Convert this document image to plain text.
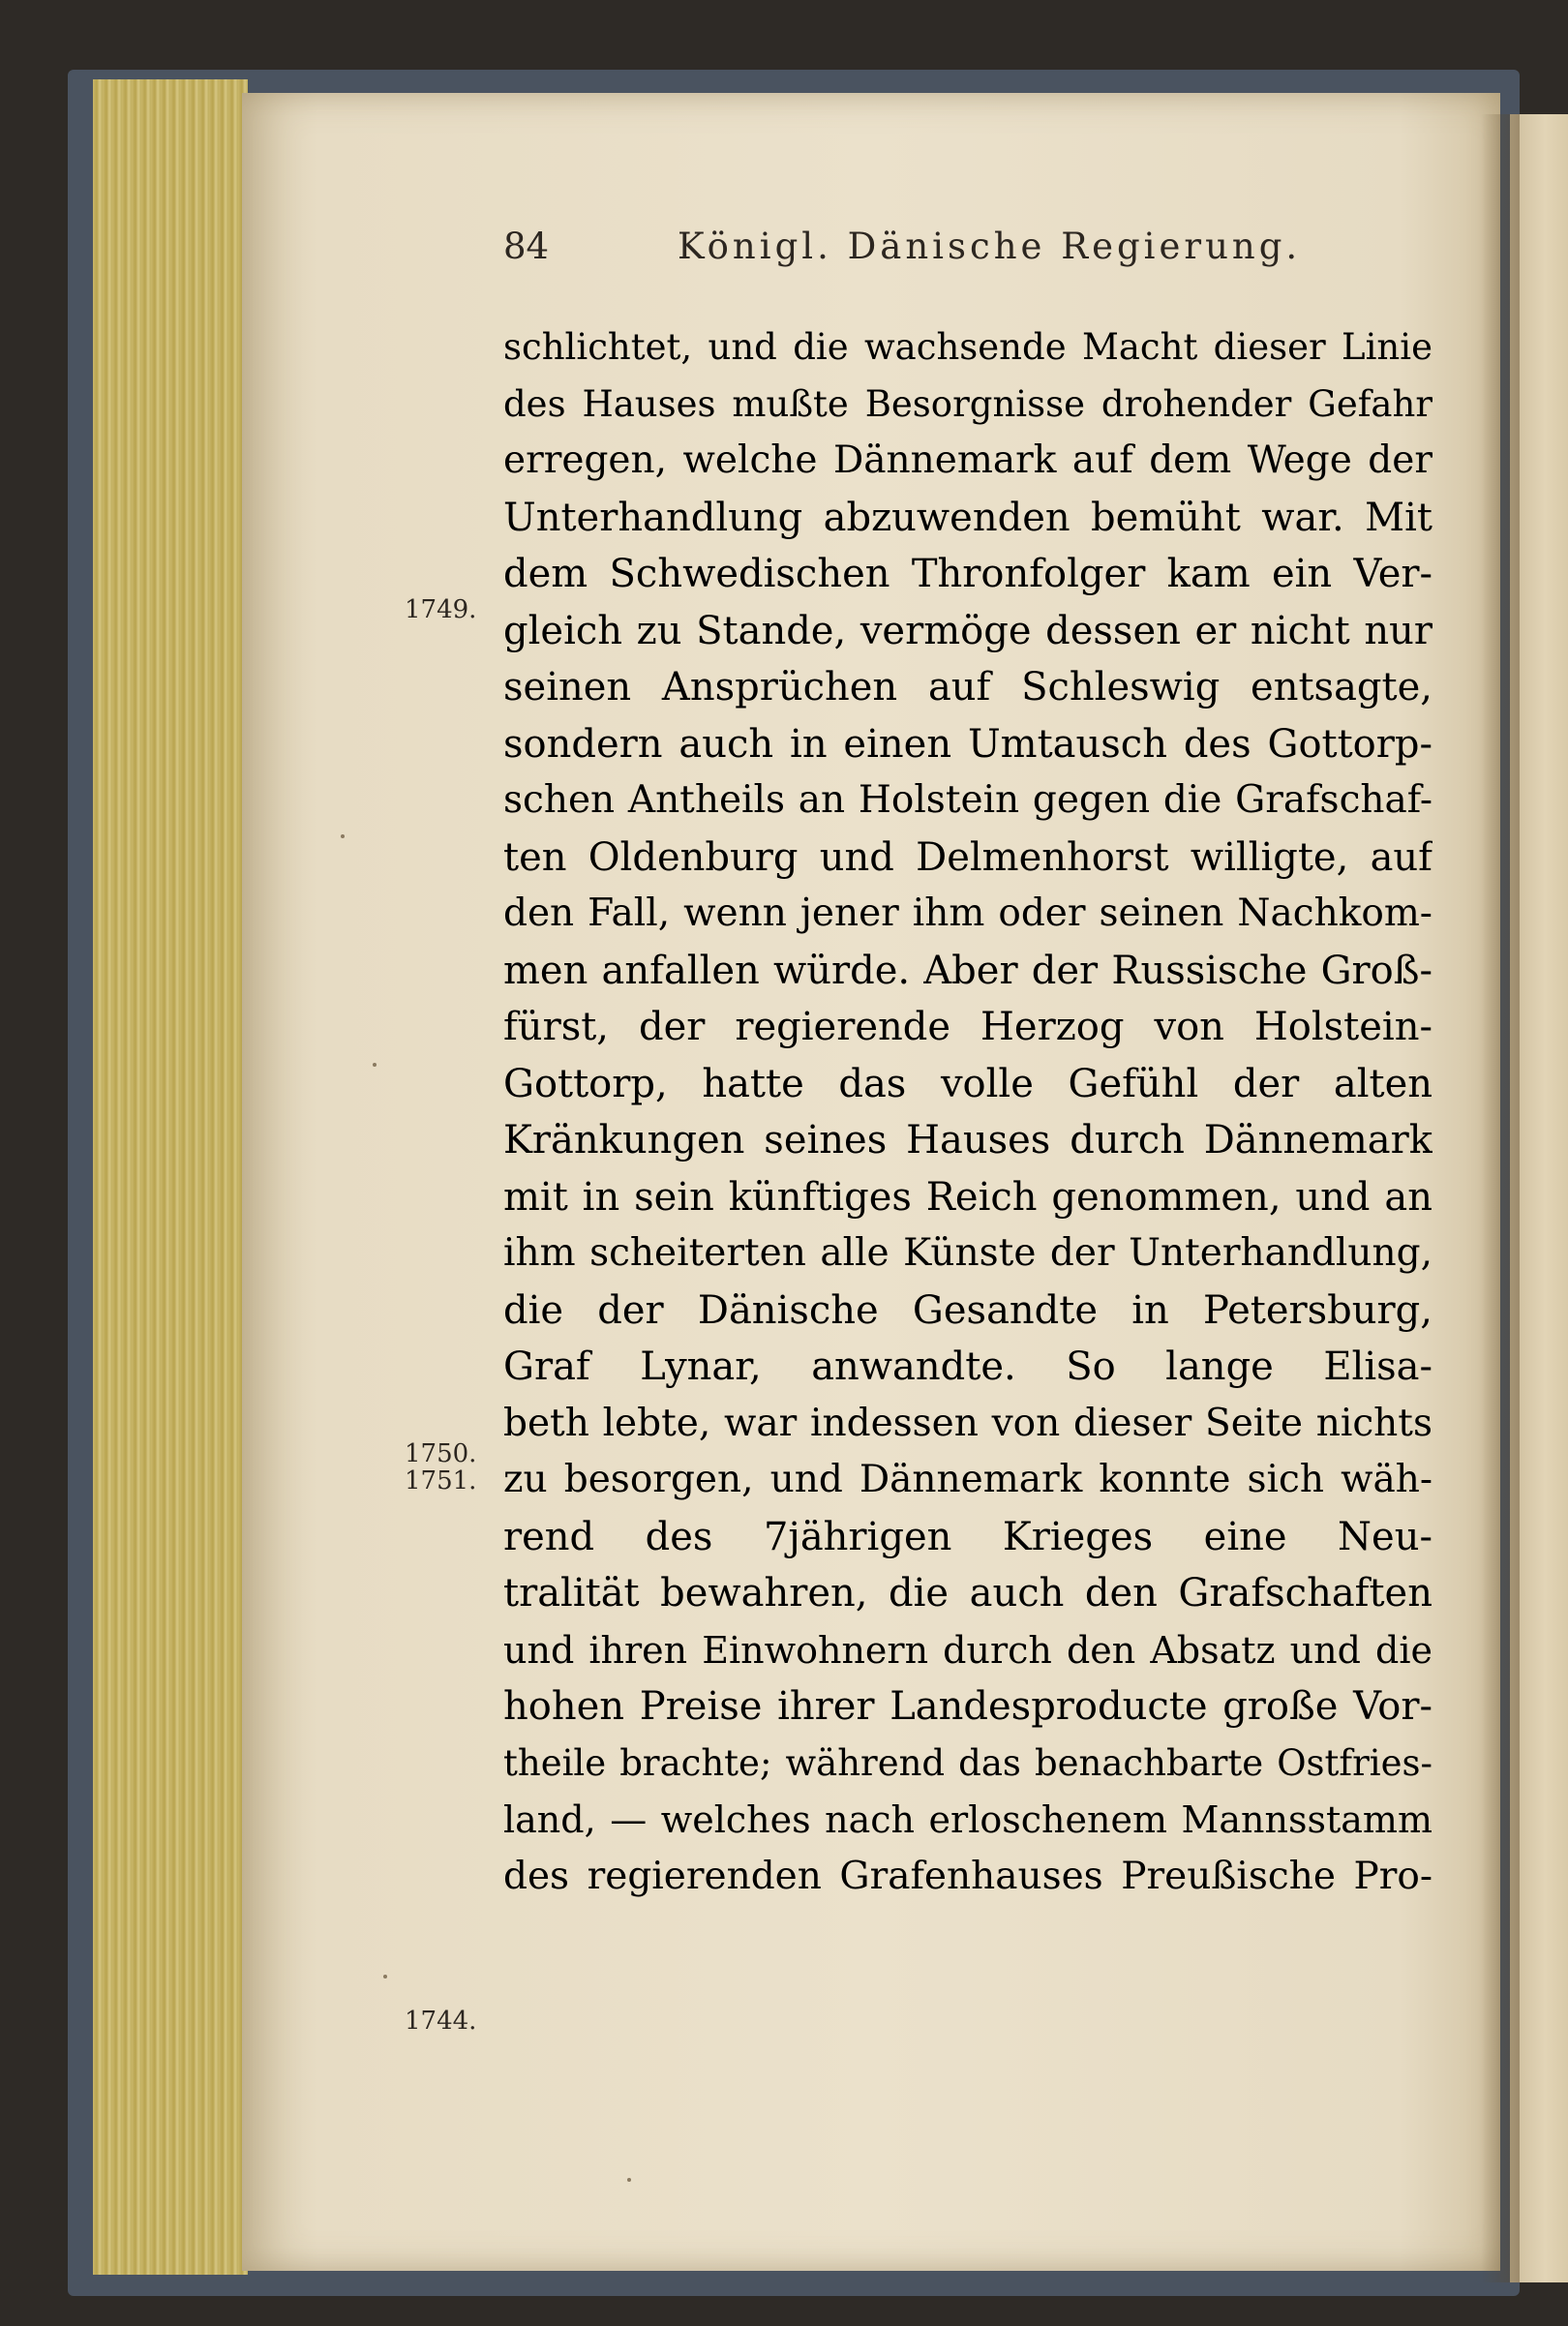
84	Königl. Dänische Regierung.
1749.
1750.
1751.
1744.
schlichtet, und die wachsende Macht dieser Linie
des Hauses mußte Besorgnisse drohender Gefahr
erregen, welche Dännemark auf dem Wege der
Unterhandlung abzuwenden bemüht war. Mit
dem Schwedischen Thronfolger kam ein Ver-
gleich zu Stande, vermöge dessen er nicht nur
seinen Ansprüchen auf Schleswig entsagte,
sondern auch in einen Umtausch des Gottorp-
schen Antheils an Holstein gegen die Grafschaf-
ten Oldenburg und Delmenhorst willigte, auf
den Fall, wenn jener ihm oder seinen Nachkom-
men anfallen würde. Aber der Russische Groß-
fürst, der regierende Herzog von Holstein-
Gottorp, hatte das volle Gefühl der alten
Kränkungen seines Hauses durch Dännemark
mit in sein künftiges Reich genommen, und an
ihm scheiterten alle Künste der Unterhandlung,
die der Dänische Gesandte in Petersburg,
Graf Lynar, anwandte. So lange Elisa-
beth lebte, war indessen von dieser Seite nichts
zu besorgen, und Dännemark konnte sich wäh-
rend des 7jährigen Krieges eine Neu-
tralität bewahren, die auch den Grafschaften
und ihren Einwohnern durch den Absatz und die
hohen Preise ihrer Landesproducte große Vor-
theile brachte; während das benachbarte Ostfries-
land, — welches nach erloschenem Mannsstamm
des regierenden Grafenhauses Preußische Pro-
